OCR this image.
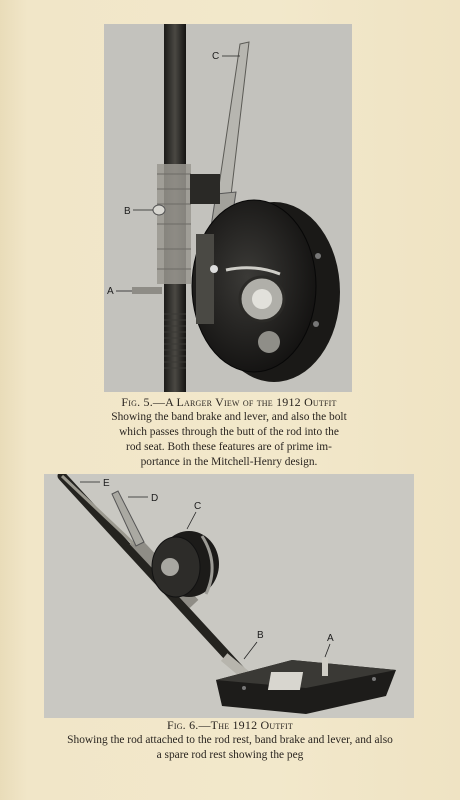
A
B
C
Fig. 5.—A Larger View of the 1912 Outfit
Showing the band brake and lever, and also the bolt
which passes through the butt of the rod into the
rod seat. Both these features are of prime im-
portance in the Mitchell-Henry design.
A
B
C
D
E
Fig. 6.—The 1912 Outfit
Showing the rod attached to the rod rest, band brake and lever, and also
a spare rod rest showing the peg
